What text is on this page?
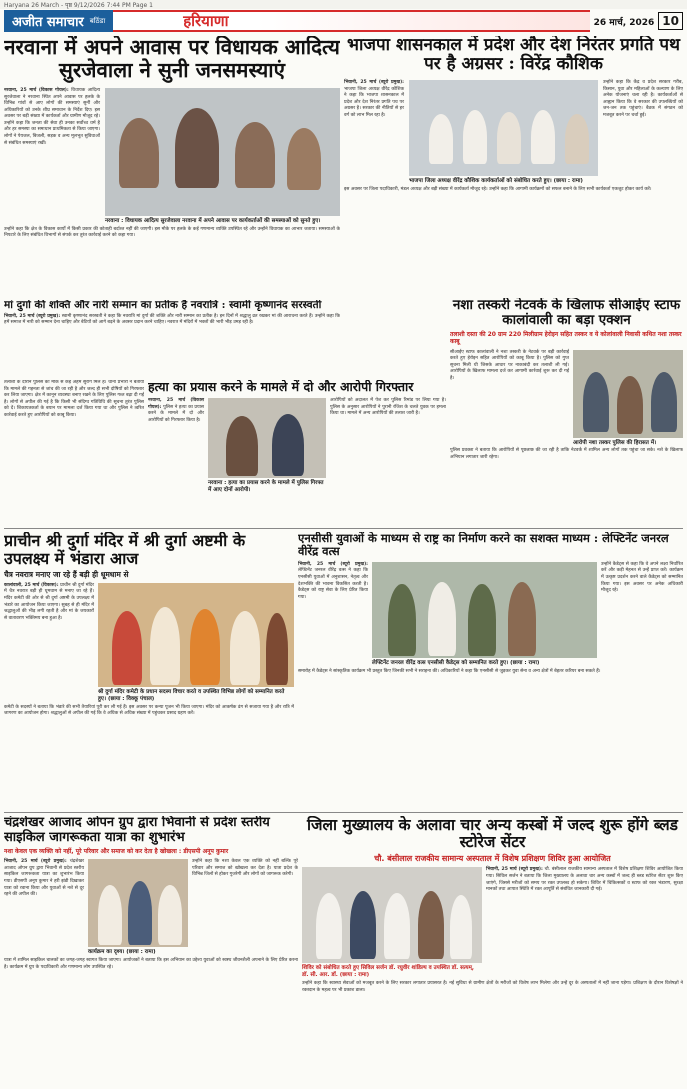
Haryana 26 March - पृष्ठ 9/12/2026 7:44 PM Page 1
अजीत समाचार बठिंडा	हरियाणा	26 मार्च, 2026 10
नरवाना में अपने आवास पर विधायक आदित्य सुरजेवाला ने सुनी जनसमस्याएं
नरवाना, 25 मार्च (विकास गोयल): विधायक आदित्य सुरजेवाला ने नरवाना स्थित अपने आवास पर हलके के विभिन्न गांवों से आए लोगों की समस्याएं सुनीं और अधिकारियों को उनके शीघ्र समाधान के निर्देश दिए। इस अवसर पर बड़ी संख्या में कार्यकर्ता और ग्रामीण मौजूद रहे। उन्होंने कहा कि जनता की सेवा ही उनका सर्वोच्च धर्म है और हर समस्या का समाधान प्राथमिकता से किया जाएगा। लोगों ने पेयजल, बिजली, सड़क व अन्य मूलभूत सुविधाओं से संबंधित समस्याएं रखीं।
नरवाना : विधायक आदित्य सुरजेवाला नरवाना में अपने आवास पर कार्यकर्ताओं की समस्याओं को सुनते हुए।
उन्होंने कहा कि क्षेत्र के विकास कार्यों में किसी प्रकार की कोताही बर्दाश्त नहीं की जाएगी। इस मौके पर हलके के कई गणमान्य व्यक्ति उपस्थित रहे और उन्होंने विधायक का आभार जताया। समस्याओं के निपटारे के लिए संबंधित विभागों से संपर्क कर तुरंत कार्रवाई करने को कहा गया।
मां दुर्गा की शक्ति और नारी सम्मान का प्रतीक है नवरात्रि : स्वामी कृष्णानंद सरस्वती
भिवानी, 25 मार्च (ब्यूरो प्रमुख): स्वामी कृष्णानंद सरस्वती ने कहा कि नवरात्रि मां दुर्गा की शक्ति और नारी सम्मान का प्रतीक है। इन दिनों में श्रद्धालु व्रत रखकर मां की आराधना करते हैं। उन्होंने कहा कि हमें समाज में नारी को सम्मान देना चाहिए और बेटियों को आगे बढ़ने के अवसर प्रदान करने चाहिए। नवरात्र में मंदिरों में भक्तों की भारी भीड़ उमड़ रही है।
भाजपा शासनकाल में प्रदेश और देश निरंतर प्रगति पथ पर है अग्रसर : विरेंद्र कौशिक
भिवानी, 25 मार्च (ब्यूरो प्रमुख): भाजपा जिला अध्यक्ष वीरेंद्र कौशिक ने कहा कि भाजपा शासनकाल में प्रदेश और देश निरंतर प्रगति पथ पर अग्रसर है। सरकार की नीतियों से हर वर्ग को लाभ मिल रहा है।
भाजपा जिला अध्यक्ष वीरेंद्र कौशिक कार्यकर्ताओं को संबोधित करते हुए। (छाया : रामा)
उन्होंने कहा कि केंद्र व प्रदेश सरकार गरीब, किसान, युवा और महिलाओं के कल्याण के लिए अनेक योजनाएं चला रही है। कार्यकर्ताओं से आह्वान किया कि वे सरकार की उपलब्धियों को जन-जन तक पहुंचाएं। बैठक में संगठन को मजबूत करने पर चर्चा हुई।
इस अवसर पर जिला पदाधिकारी, मंडल अध्यक्ष और बड़ी संख्या में कार्यकर्ता मौजूद रहे। उन्होंने कहा कि आगामी कार्यक्रमों को सफल बनाने के लिए सभी कार्यकर्ता एकजुट होकर कार्य करें।
नशा तस्करी नेटवर्क के खिलाफ सीआईए स्टाफ कालांवाली का बड़ा एक्शन
तलाशी दस्ता की 20 ग्राम 220 मिलीग्राम हेरोइन सहित तस्कर व ये कोलांवाली निवासी कथित नशा तस्कर काबू
सीआईए स्टाफ कालांवाली ने नशा तस्करी के नेटवर्क पर बड़ी कार्रवाई करते हुए हेरोइन सहित आरोपियों को काबू किया है। पुलिस को गुप्त सूचना मिली थी जिसके आधार पर नाकाबंदी कर तलाशी ली गई। आरोपियों के खिलाफ मामला दर्ज कर आगामी कार्रवाई शुरू कर दी गई है।
आरोपी नशा तस्कर पुलिस की हिरासत में।
पुलिस प्रवक्ता ने बताया कि आरोपियों से पूछताछ की जा रही है ताकि नेटवर्क में शामिल अन्य लोगों तक पहुंचा जा सके। नशे के खिलाफ अभियान लगातार जारी रहेगा।
हत्या का प्रयास करने के मामले में दो और आरोपी गिरफ्तार
नरवाना, 25 मार्च (विकास गोयल): पुलिस ने हत्या का प्रयास करने के मामले में दो और आरोपियों को गिरफ्तार किया है।
नरवाना : हत्या का प्रयास करने के मामले में पुलिस गिरफ्त में आए दोनों आरोपी।
आरोपियों को अदालत में पेश कर पुलिस रिमांड पर लिया गया है। पुलिस के अनुसार आरोपियों ने पुरानी रंजिश के चलते युवक पर हमला किया था। मामले में अन्य आरोपियों की तलाश जारी है।
तलाशी के दौरान पुलिस को मौके से कई अहम सुराग मिले हैं। थाना प्रभारी ने बताया कि मामले की गहनता से जांच की जा रही है और जल्द ही सभी दोषियों को गिरफ्तार कर लिया जाएगा। क्षेत्र में कानून व्यवस्था बनाए रखने के लिए पुलिस गश्त बढ़ा दी गई है। लोगों से अपील की गई है कि किसी भी संदिग्ध गतिविधि की सूचना तुरंत पुलिस को दें। शिकायतकर्ता के बयान पर मामला दर्ज किया गया था और पुलिस ने त्वरित कार्रवाई करते हुए आरोपियों को काबू किया।
प्राचीन श्री दुर्गा मंदिर में श्री दुर्गा अष्टमी के उपलक्ष्य में भंडारा आज
चैत्र नवरात्र मनाए जा रहे हैं बड़ी ही धूमधाम से
कालांवाली, 25 मार्च (विकास): प्राचीन श्री दुर्गा मंदिर में चैत्र नवरात्र बड़ी ही धूमधाम से मनाए जा रहे हैं। मंदिर कमेटी की ओर से श्री दुर्गा अष्टमी के उपलक्ष्य में भंडारे का आयोजन किया जाएगा। सुबह से ही मंदिर में श्रद्धालुओं की भीड़ लगी रहती है और मां के जयकारों से वातावरण भक्तिमय बना हुआ है।
श्री दुर्गा मंदिर कमेटी के प्रधान सदस्य विचार करते व उपस्थित विभिन्न लोगों को सम्मानित करते हुए। (छाया : विक्कू पंचाल)
कमेटी के सदस्यों ने बताया कि भंडारे की सभी तैयारियां पूरी कर ली गई हैं। इस अवसर पर कन्या पूजन भी किया जाएगा। मंदिर को आकर्षक ढंग से सजाया गया है और रात्रि में जागरण का आयोजन होगा। श्रद्धालुओं से अपील की गई कि वे अधिक से अधिक संख्या में पहुंचकर प्रसाद ग्रहण करें।
एनसीसी युवाओं के माध्यम से राष्ट्र का निर्माण करने का सशक्त माध्यम : लेफ्टिनेंट जनरल वीरेंद्र वत्स
भिवानी, 25 मार्च (ब्यूरो प्रमुख): लेफ्टिनेंट जनरल वीरेंद्र वत्स ने कहा कि एनसीसी युवाओं में अनुशासन, नेतृत्व और देशभक्ति की भावना विकसित करती है। कैडेट्स को राष्ट्र सेवा के लिए प्रेरित किया गया।
लेफ्टिनेंट जनरल वीरेंद्र वत्स एनसीसी कैडेट्स को सम्मानित करते हुए। (छाया : रामा)
उन्होंने कैडेट्स से कहा कि वे अपने लक्ष्य निर्धारित करें और कड़ी मेहनत से उन्हें प्राप्त करें। कार्यक्रम में उत्कृष्ट प्रदर्शन करने वाले कैडेट्स को सम्मानित किया गया। इस अवसर पर अनेक अधिकारी मौजूद रहे।
समारोह में कैडेट्स ने सांस्कृतिक कार्यक्रम भी प्रस्तुत किए जिनकी सभी ने सराहना की। अधिकारियों ने कहा कि एनसीसी से जुड़कर युवा सेना व अन्य क्षेत्रों में बेहतर करियर बना सकते हैं।
चंद्रशेखर आजाद ओपन ग्रुप द्वारा भिवानी से प्रदेश स्तरीय साइकिल जागरूकता यात्रा का शुभारंभ
नशा केवल एक व्यक्ति को नहीं, पूरे परिवार और समाज को कर देता है खोखला : डीएसपी अनूप कुमार
भिवानी, 25 मार्च (ब्यूरो प्रमुख): चंद्रशेखर आजाद ओपन ग्रुप द्वारा भिवानी से प्रदेश स्तरीय साइकिल जागरूकता यात्रा का शुभारंभ किया गया। डीएसपी अनूप कुमार ने हरी झंडी दिखाकर यात्रा को रवाना किया और युवाओं से नशे से दूर रहने की अपील की।
कार्यक्रम का दृश्य। (छाया : रामा)
उन्होंने कहा कि नशा केवल एक व्यक्ति को नहीं बल्कि पूरे परिवार और समाज को खोखला कर देता है। यात्रा प्रदेश के विभिन्न जिलों से होकर गुजरेगी और लोगों को जागरूक करेगी।
यात्रा में शामिल साइकिल चालकों का जगह-जगह स्वागत किया जाएगा। आयोजकों ने बताया कि इस अभियान का उद्देश्य युवाओं को स्वस्थ जीवनशैली अपनाने के लिए प्रेरित करना है। कार्यक्रम में ग्रुप के पदाधिकारी और गणमान्य लोग उपस्थित रहे।
जिला मुख्यालय के अलावा चार अन्य कस्बों में जल्द शुरू होंगे ब्लड स्टोरेज सेंटर
चौ. बंसीलाल राजकीय सामान्य अस्पताल में विशेष प्रशिक्षण शिविर हुआ आयोजित
शिविर को संबोधित करते हुए सिविल सर्जन डॉ. रघुवीर शांडिल्य व उपस्थित डॉ. सत्यम्, डॉ. सी. आर. डॉ. (छाया : रामा)
भिवानी, 25 मार्च (ब्यूरो प्रमुख): चौ. बंसीलाल राजकीय सामान्य अस्पताल में विशेष प्रशिक्षण शिविर आयोजित किया गया। सिविल सर्जन ने बताया कि जिला मुख्यालय के अलावा चार अन्य कस्बों में जल्द ही ब्लड स्टोरेज सेंटर शुरू किए जाएंगे, जिससे मरीजों को समय पर रक्त उपलब्ध हो सकेगा। शिविर में चिकित्सकों व स्टाफ को रक्त भंडारण, सुरक्षा मानकों तथा आपात स्थिति में रक्त आपूर्ति से संबंधित जानकारी दी गई।
उन्होंने कहा कि स्वास्थ्य सेवाओं को मजबूत करने के लिए सरकार लगातार प्रयासरत है। नई सुविधा से ग्रामीण क्षेत्रों के मरीजों को विशेष लाभ मिलेगा और उन्हें दूर के अस्पतालों में नहीं जाना पड़ेगा। प्रशिक्षण के दौरान विशेषज्ञों ने रक्तदान के महत्व पर भी प्रकाश डाला।
